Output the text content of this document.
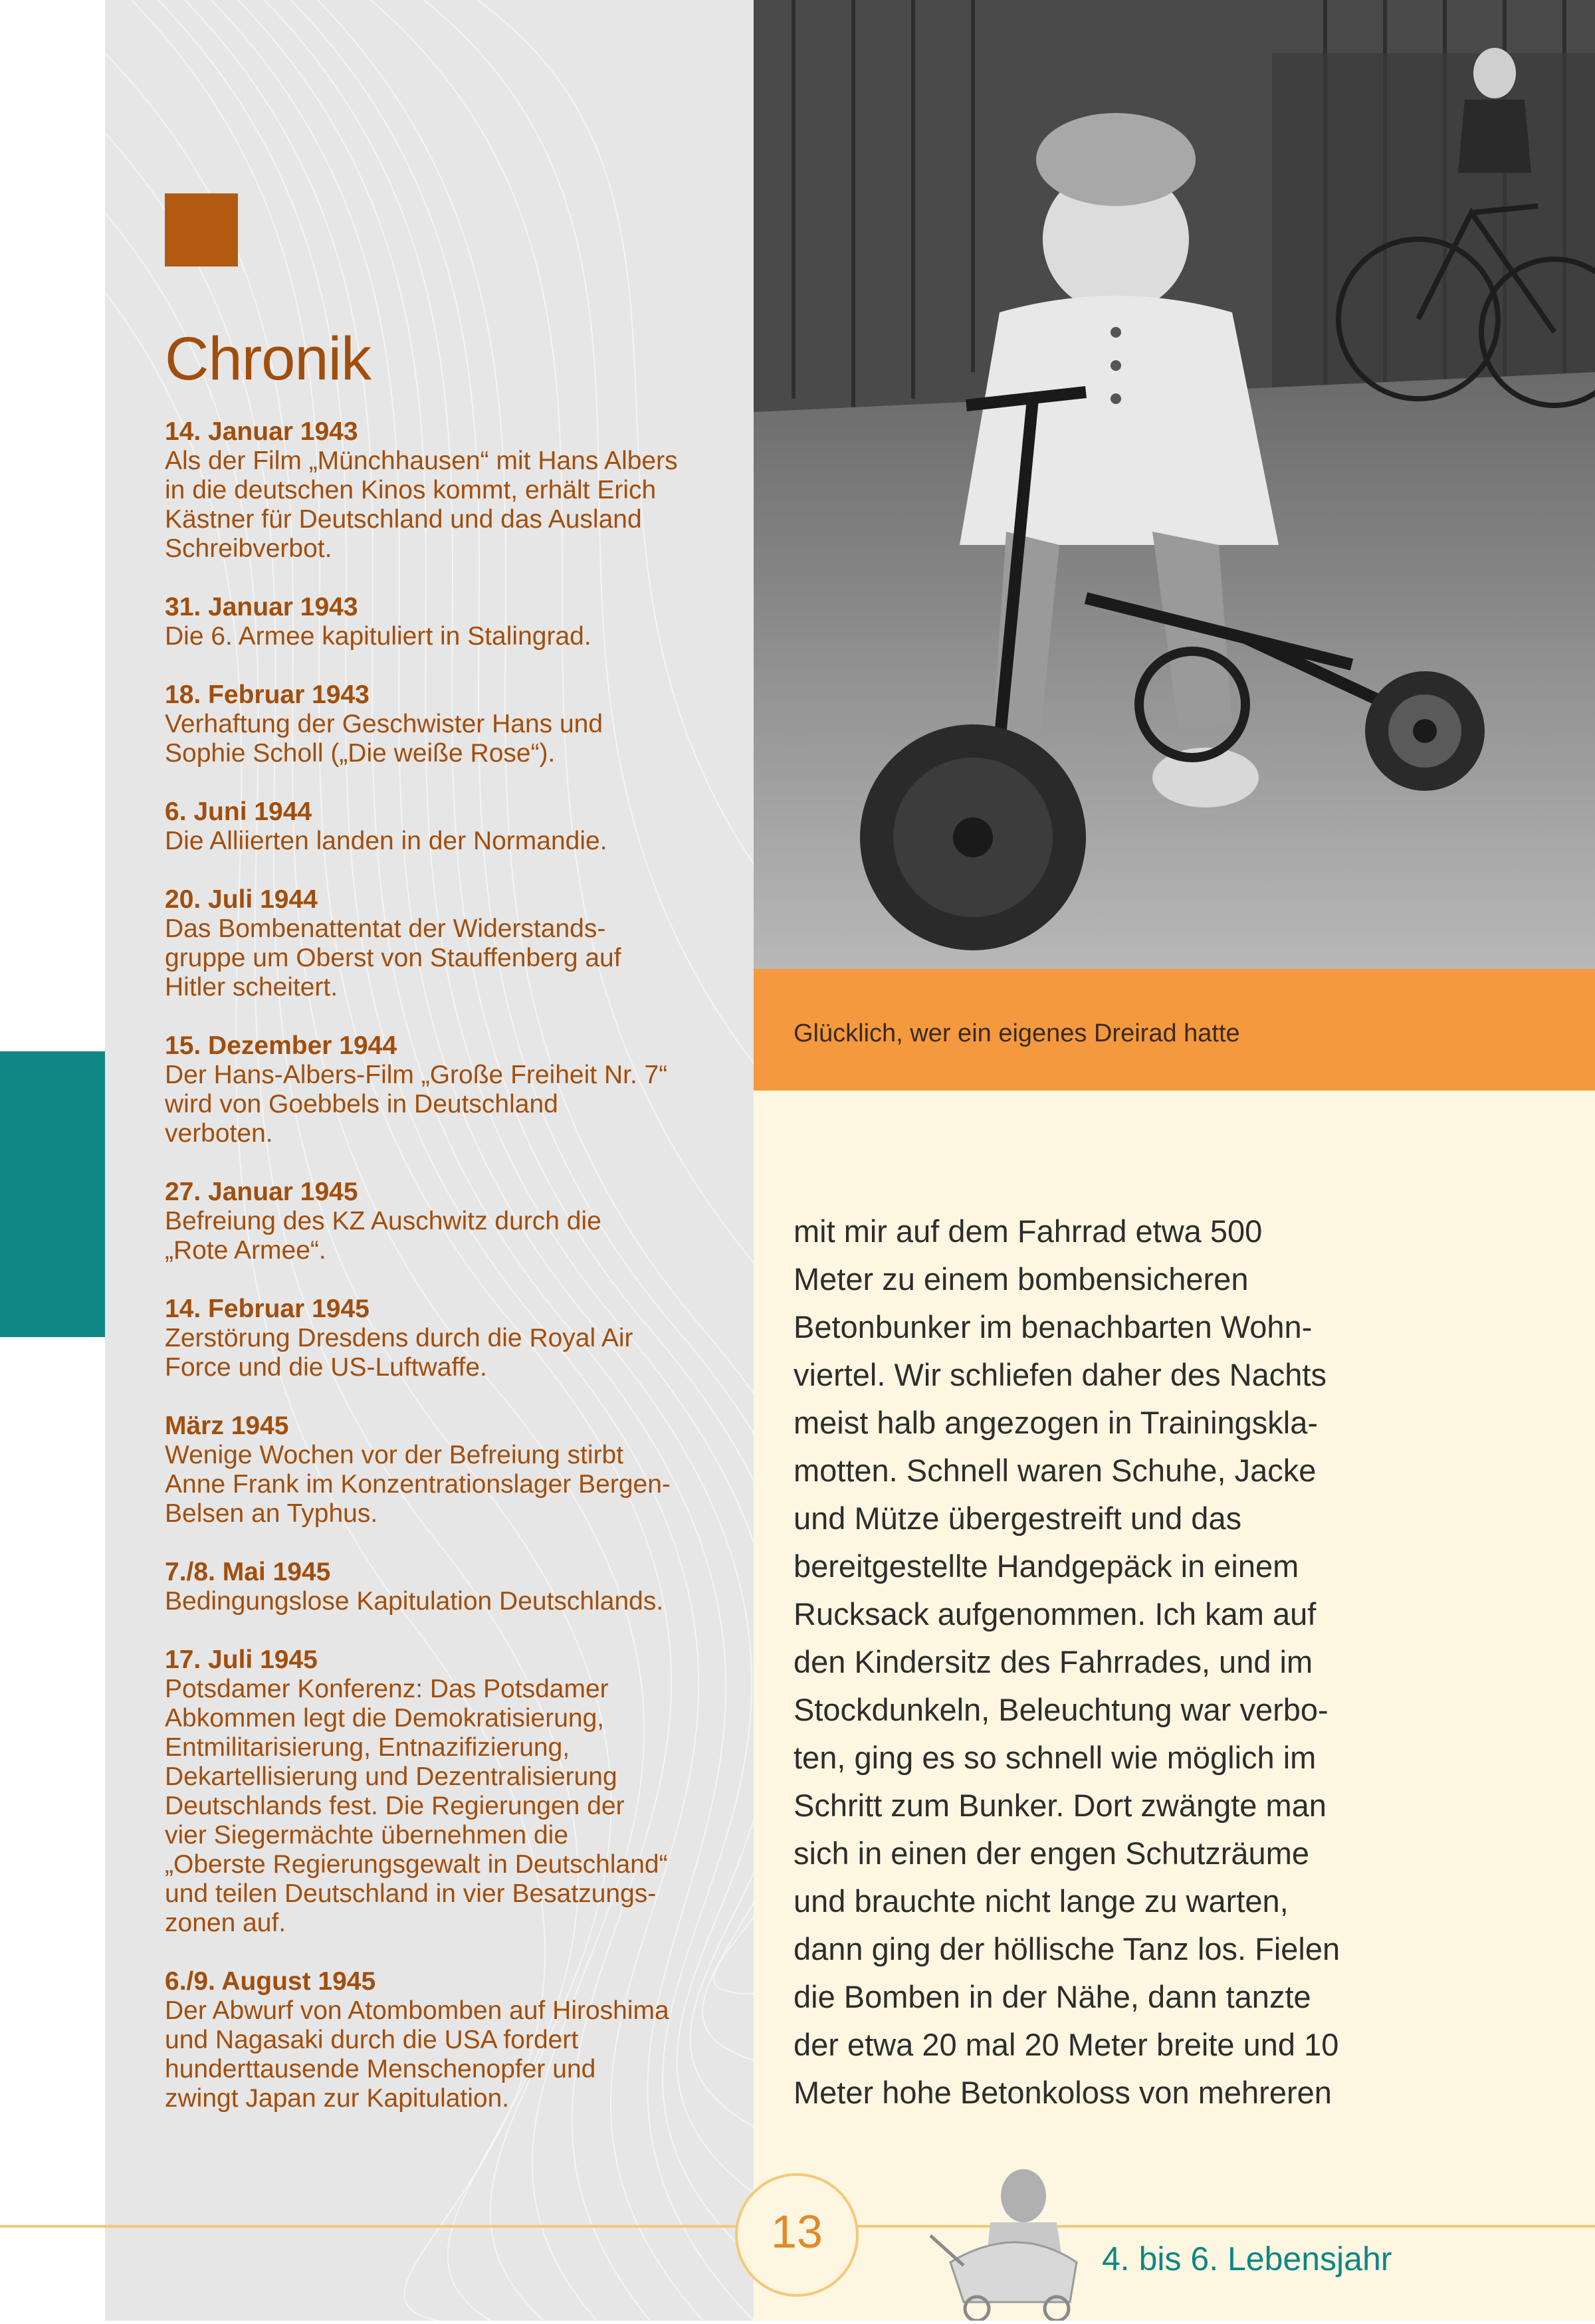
Chronik
14. Januar 1943
Als der Film „Münchhausen“ mit Hans Albers
in die deutschen Kinos kommt, erhält Erich
Kästner für Deutschland und das Ausland
Schreibverbot.
31. Januar 1943
Die 6. Armee kapituliert in Stalingrad.
18. Februar 1943
Verhaftung der Geschwister Hans und
Sophie Scholl („Die weiße Rose“).
6. Juni 1944
Die Alliierten landen in der Normandie.
20. Juli 1944
Das Bombenattentat der Widerstands-
gruppe um Oberst von Stauffenberg auf
Hitler scheitert.
15. Dezember 1944
Der Hans-Albers-Film „Große Freiheit Nr. 7“
wird von Goebbels in Deutschland
verboten.
27. Januar 1945
Befreiung des KZ Auschwitz durch die
„Rote Armee“.
14. Februar 1945
Zerstörung Dresdens durch die Royal Air
Force und die US-Luftwaffe.
März 1945
Wenige Wochen vor der Befreiung stirbt
Anne Frank im Konzentrationslager Bergen-
Belsen an Typhus.
7./8. Mai 1945
Bedingungslose Kapitulation Deutschlands.
17. Juli 1945
Potsdamer Konferenz: Das Potsdamer
Abkommen legt die Demokratisierung,
Entmilitarisierung, Entnazifizierung,
Dekartellisierung und Dezentralisierung
Deutschlands fest. Die Regierungen der
vier Siegermächte übernehmen die
„Oberste Regierungsgewalt in Deutschland“
und teilen Deutschland in vier Besatzungs-
zonen auf.
6./9. August 1945
Der Abwurf von Atombomben auf Hiroshima
und Nagasaki durch die USA fordert
hunderttausende Menschenopfer und
zwingt Japan zur Kapitulation.
Glücklich, wer ein eigenes Dreirad hatte
mit mir auf dem Fahrrad etwa 500
Meter zu einem bombensicheren
Betonbunker im benachbarten Wohn-
viertel. Wir schliefen daher des Nachts
meist halb angezogen in Trainingskla-
motten. Schnell waren Schuhe, Jacke
und Mütze übergestreift und das
bereitgestellte Handgepäck in einem
Rucksack aufgenommen. Ich kam auf
den Kindersitz des Fahrrades, und im
Stockdunkeln, Beleuchtung war verbo-
ten, ging es so schnell wie möglich im
Schritt zum Bunker. Dort zwängte man
sich in einen der engen Schutzräume
und brauchte nicht lange zu warten,
dann ging der höllische Tanz los. Fielen
die Bomben in der Nähe, dann tanzte
der etwa 20 mal 20 Meter breite und 10
Meter hohe Betonkoloss von mehreren
13
4. bis 6. Lebensjahr
